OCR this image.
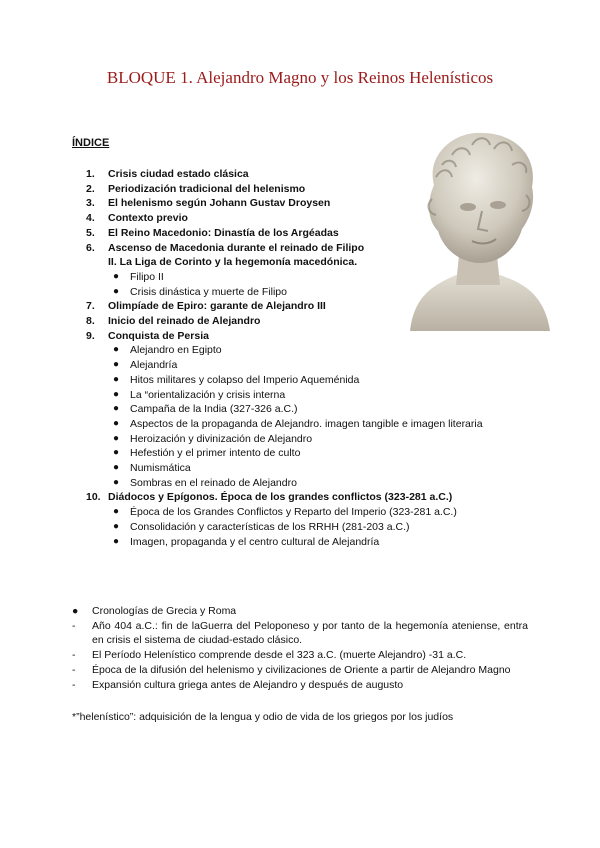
BLOQUE 1. Alejandro Magno y los Reinos Helenísticos
ÍNDICE
1. Crisis ciudad estado clásica
2. Periodización tradicional del helenismo
3. El helenismo según Johann Gustav Droysen
4. Contexto previo
5. El Reino Macedonio: Dinastía de los Argéadas
6. Ascenso de Macedonia durante el reinado de Filipo
II. La Liga de Corinto y la hegemonía macedónica.
● Filipo II
● Crisis dinástica y muerte de Filipo
7. Olimpíade de Epiro: garante de Alejandro III
8. Inicio del reinado de Alejandro
9. Conquista de Persia
● Alejandro en Egipto
● Alejandría
● Hitos militares y colapso del Imperio Aqueménida
● La “orientalización y crisis interna
● Campaña de la India (327-326 a.C.)
● Aspectos de la propaganda de Alejandro. imagen tangible e imagen literaria
● Heroización y divinización de Alejandro
● Hefestión y el primer intento de culto
● Numismática
● Sombras en el reinado de Alejandro
10. Diádocos y Epígonos. Época de los grandes conflictos (323-281 a.C.)
● Época de los Grandes Conflictos y Reparto del Imperio (323-281 a.C.)
● Consolidación y características de los RRHH (281-203 a.C.)
● Imagen, propaganda y el centro cultural de Alejandría
● Cronologías de Grecia y Roma
- Año 404 a.C.: fin de laGuerra del Peloponeso y por tanto de la hegemonía ateniense, entra en crisis el sistema de ciudad-estado clásico.
- El Período Helenístico comprende desde el 323 a.C. (muerte Alejandro) -31 a.C.
- Época de la difusión del helenismo y civilizaciones de Oriente a partir de Alejandro Magno
- Expansión cultura griega antes de Alejandro y después de augusto
*”helenístico”: adquisición de la lengua y odio de vida de los griegos por los judíos
